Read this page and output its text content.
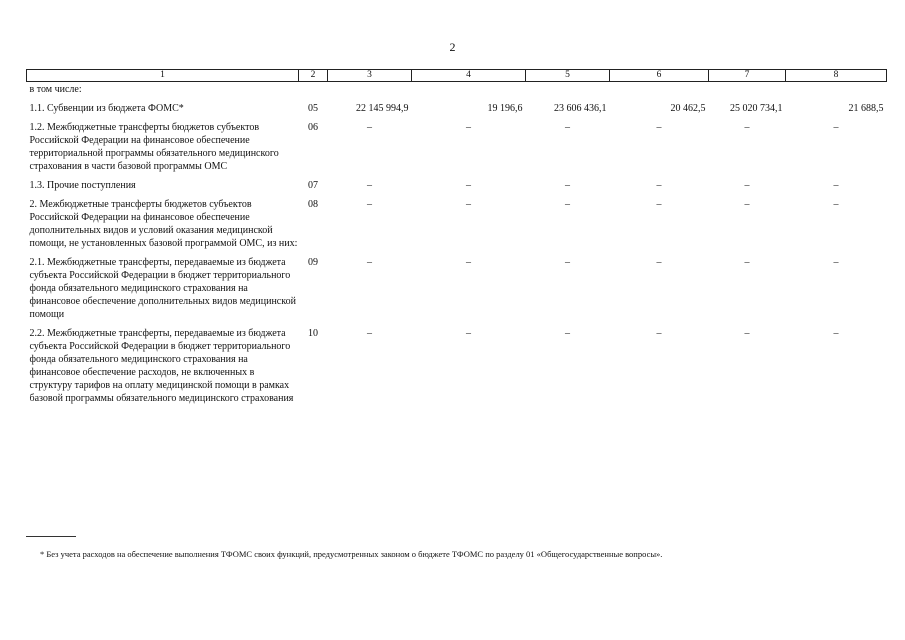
2
1	2	3	4	5	6	7	8
в том числе:							

1.1. Субвенции из бюджета ФОМС*	05	22 145 994,9	19 196,6	23 606 436,1	20 462,5	25 020 734,1	21 688,5

1.2. Межбюджетные трансферты бюджетов субъектов Российской Федерации на финансовое обеспечение территориальной программы обязательного медицинского страхования в части базовой программы ОМС	06	–	–	–	–	–	–

1.3. Прочие поступления	07	–	–	–	–	–	–

2. Межбюджетные трансферты бюджетов субъектов Российской Федерации на финансовое обеспечение дополнительных видов и условий оказания медицинской помощи, не установленных базовой программой ОМС, из них:	08	–	–	–	–	–	–

2.1. Межбюджетные трансферты, передаваемые из бюджета субъекта Российской Федерации в бюджет территориального фонда обязательного медицинского страхования на финансовое обеспечение дополнительных видов медицинской помощи	09	–	–	–	–	–	–

2.2. Межбюджетные трансферты, передаваемые из бюджета субъекта Российской Федерации в бюджет территориального фонда обязательного медицинского страхования на финансовое обеспечение расходов, не включенных в структуру тарифов на оплату медицинской помощи в рамках базовой программы обязательного медицинского страхования	10	–	–	–	–	–	–
* Без учета расходов на обеспечение выполнения ТФОМС своих функций, предусмотренных законом о бюджете ТФОМС по разделу 01 «Общегосударственные вопросы».
